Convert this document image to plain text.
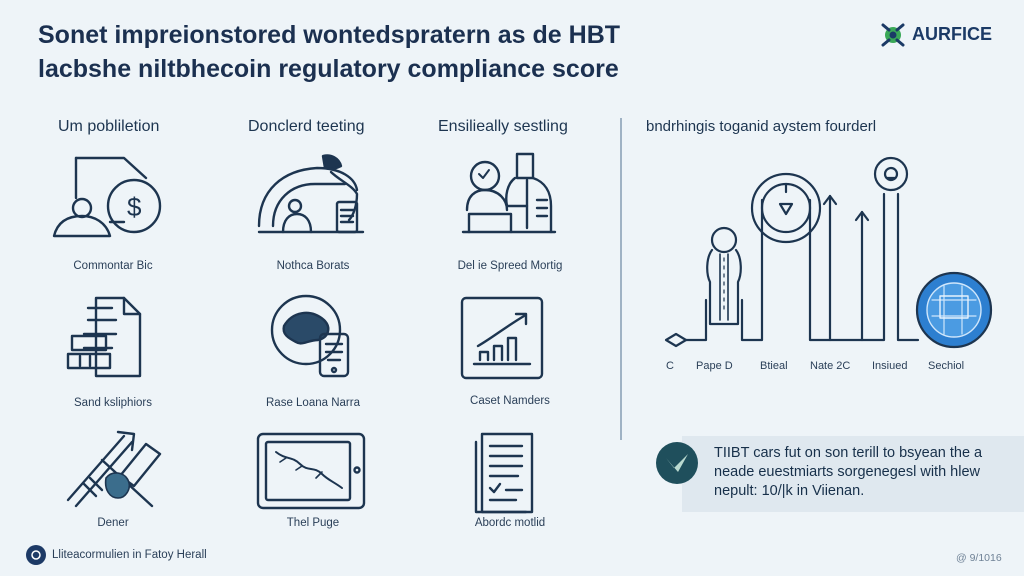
Sonet impreionstored wontedspratern as de HBT
lacbshe niltbhecoin regulatory compliance score
AURFICE
Um pobliletion	Donclerd teeting	Ensilieally sestling
$
Commontar Bic	Nothca Borats	Del ie Spreed Mortig
Sand ksliphiors	Rase Loana Narra	Caset Namders
Dener	Thel Puge	Abordc motlid
bndrhingis toganid aystem fourderl
C Pape D Btieal Nate 2C Insiued Sechiol
TIIBT cars fut on son terill to bsyean the a neade euestmiarts sorgenegesl with hlew nepult: 10/|k in Viienan.
Lliteacormulien in Fatoy Herall	@ 9/1016
